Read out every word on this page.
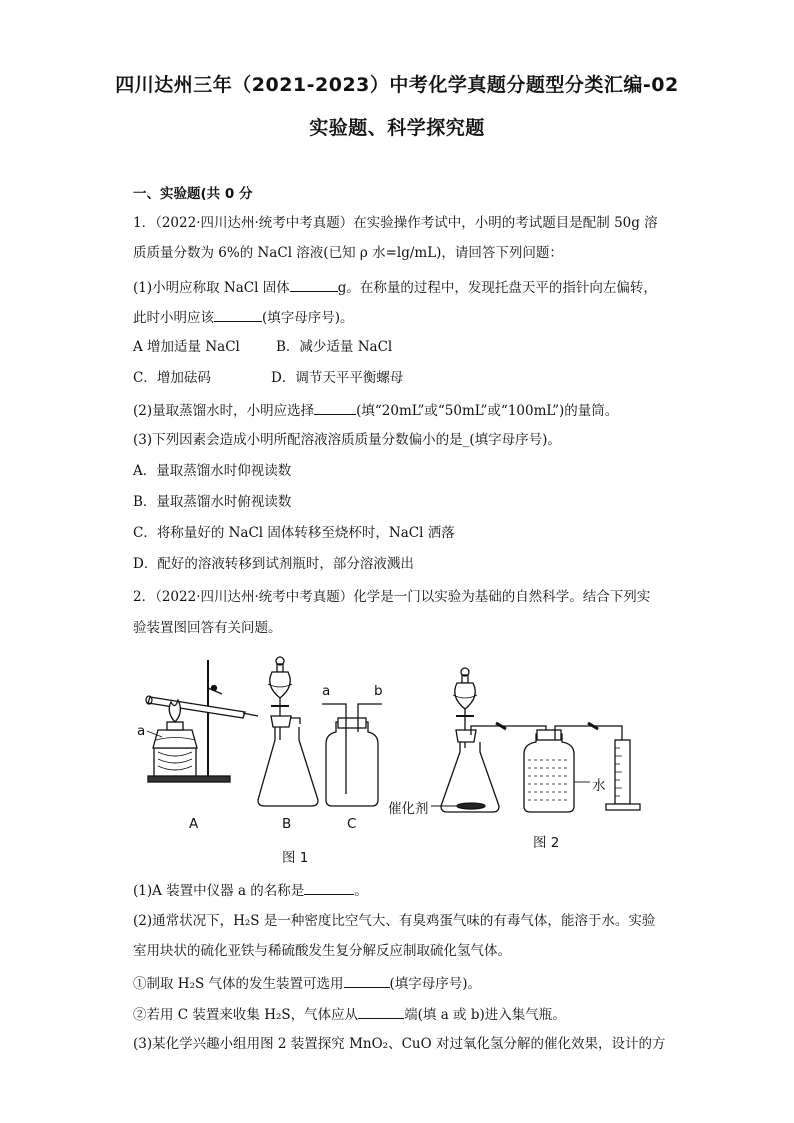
四川达州三年（2021-2023）中考化学真题分题型分类汇编-02
实验题、科学探究题
一、实验题(共 0 分
1．（2022·四川达州·统考中考真题）在实验操作考试中，小明的考试题目是配制 50g 溶
质质量分数为 6%的 NaCl 溶液(已知 ρ 水=lg/mL)，请回答下列问题：
(1)小明应称取 NaCl 固体	g。在称量的过程中，发现托盘天平的指针向左偏转，
此时小明应该	(填字母序号)。
A 增加适量 NaCl	B．减少适量 NaCl
C．增加砝码	D．调节天平平衡螺母
(2)量取蒸馏水时，小明应选择	(填“20mL”或“50mL”或“100mL”)的量筒。
(3)下列因素会造成小明所配溶液溶质质量分数偏小的是_(填字母序号)。
A．量取蒸馏水时仰视读数
B．量取蒸馏水时俯视读数
C．将称量好的 NaCl 固体转移至烧杯时，NaCl 洒落
D．配好的溶液转移到试剂瓶时，部分溶液溅出
2．（2022·四川达州·统考中考真题）化学是一门以实验为基础的自然科学。结合下列实
验装置图回答有关问题。
a
a	b
A	B	C
图 1
催化剂
水
图 2
(1)A 装置中仪器 a 的名称是	。
(2)通常状况下，H₂S 是一种密度比空气大、有臭鸡蛋气味的有毒气体，能溶于水。实验
室用块状的硫化亚铁与稀硫酸发生复分解反应制取硫化氢气体。
①制取 H₂S 气体的发生装置可选用	(填字母序号)。
②若用 C 装置来收集 H₂S，气体应从	端(填 a 或 b)进入集气瓶。
(3)某化学兴趣小组用图 2 装置探究 MnO₂、CuO 对过氧化氢分解的催化效果，设计的方
